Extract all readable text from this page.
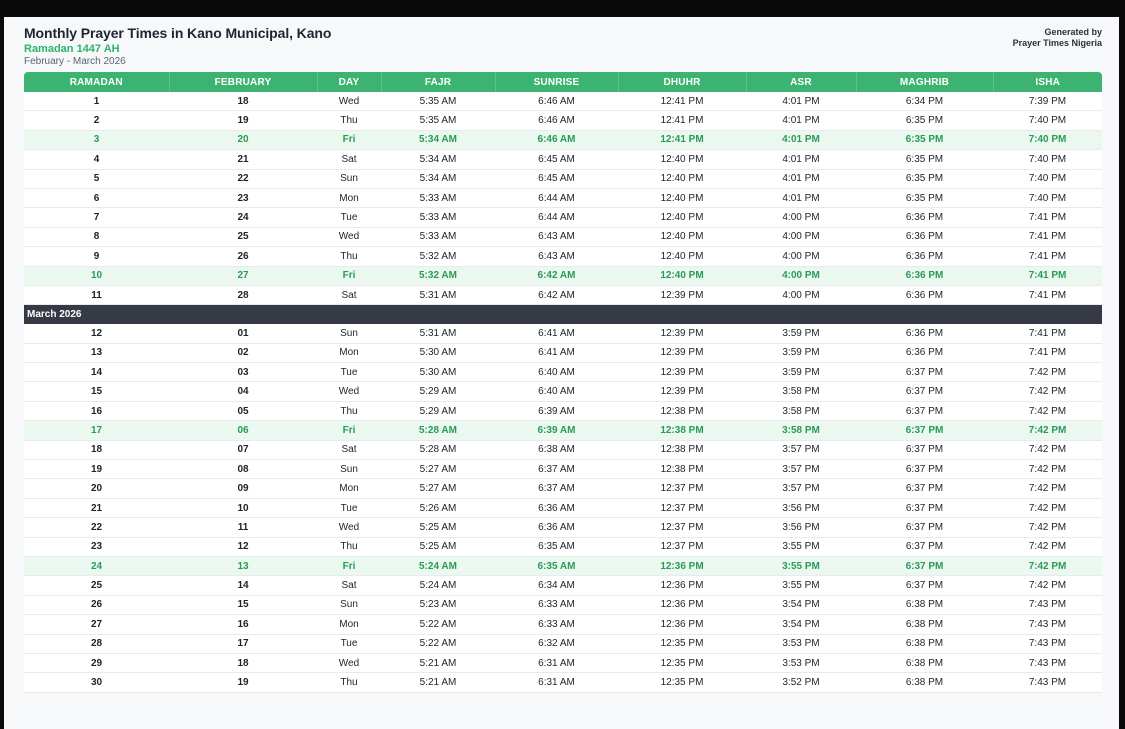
Monthly Prayer Times in Kano Municipal, Kano
Ramadan 1447 AH
February - March 2026
Generated by
Prayer Times Nigeria
RAMADAN	FEBRUARY	DAY	FAJR	SUNRISE	DHUHR	ASR	MAGHRIB	ISHA
1	18	Wed	5:35 AM	6:46 AM	12:41 PM	4:01 PM	6:34 PM	7:39 PM
2	19	Thu	5:35 AM	6:46 AM	12:41 PM	4:01 PM	6:35 PM	7:40 PM
3	20	Fri	5:34 AM	6:46 AM	12:41 PM	4:01 PM	6:35 PM	7:40 PM
4	21	Sat	5:34 AM	6:45 AM	12:40 PM	4:01 PM	6:35 PM	7:40 PM
5	22	Sun	5:34 AM	6:45 AM	12:40 PM	4:01 PM	6:35 PM	7:40 PM
6	23	Mon	5:33 AM	6:44 AM	12:40 PM	4:01 PM	6:35 PM	7:40 PM
7	24	Tue	5:33 AM	6:44 AM	12:40 PM	4:00 PM	6:36 PM	7:41 PM
8	25	Wed	5:33 AM	6:43 AM	12:40 PM	4:00 PM	6:36 PM	7:41 PM
9	26	Thu	5:32 AM	6:43 AM	12:40 PM	4:00 PM	6:36 PM	7:41 PM
10	27	Fri	5:32 AM	6:42 AM	12:40 PM	4:00 PM	6:36 PM	7:41 PM
11	28	Sat	5:31 AM	6:42 AM	12:39 PM	4:00 PM	6:36 PM	7:41 PM
March 2026								
12	01	Sun	5:31 AM	6:41 AM	12:39 PM	3:59 PM	6:36 PM	7:41 PM
13	02	Mon	5:30 AM	6:41 AM	12:39 PM	3:59 PM	6:36 PM	7:41 PM
14	03	Tue	5:30 AM	6:40 AM	12:39 PM	3:59 PM	6:37 PM	7:42 PM
15	04	Wed	5:29 AM	6:40 AM	12:39 PM	3:58 PM	6:37 PM	7:42 PM
16	05	Thu	5:29 AM	6:39 AM	12:38 PM	3:58 PM	6:37 PM	7:42 PM
17	06	Fri	5:28 AM	6:39 AM	12:38 PM	3:58 PM	6:37 PM	7:42 PM
18	07	Sat	5:28 AM	6:38 AM	12:38 PM	3:57 PM	6:37 PM	7:42 PM
19	08	Sun	5:27 AM	6:37 AM	12:38 PM	3:57 PM	6:37 PM	7:42 PM
20	09	Mon	5:27 AM	6:37 AM	12:37 PM	3:57 PM	6:37 PM	7:42 PM
21	10	Tue	5:26 AM	6:36 AM	12:37 PM	3:56 PM	6:37 PM	7:42 PM
22	11	Wed	5:25 AM	6:36 AM	12:37 PM	3:56 PM	6:37 PM	7:42 PM
23	12	Thu	5:25 AM	6:35 AM	12:37 PM	3:55 PM	6:37 PM	7:42 PM
24	13	Fri	5:24 AM	6:35 AM	12:36 PM	3:55 PM	6:37 PM	7:42 PM
25	14	Sat	5:24 AM	6:34 AM	12:36 PM	3:55 PM	6:37 PM	7:42 PM
26	15	Sun	5:23 AM	6:33 AM	12:36 PM	3:54 PM	6:38 PM	7:43 PM
27	16	Mon	5:22 AM	6:33 AM	12:36 PM	3:54 PM	6:38 PM	7:43 PM
28	17	Tue	5:22 AM	6:32 AM	12:35 PM	3:53 PM	6:38 PM	7:43 PM
29	18	Wed	5:21 AM	6:31 AM	12:35 PM	3:53 PM	6:38 PM	7:43 PM
30	19	Thu	5:21 AM	6:31 AM	12:35 PM	3:52 PM	6:38 PM	7:43 PM
